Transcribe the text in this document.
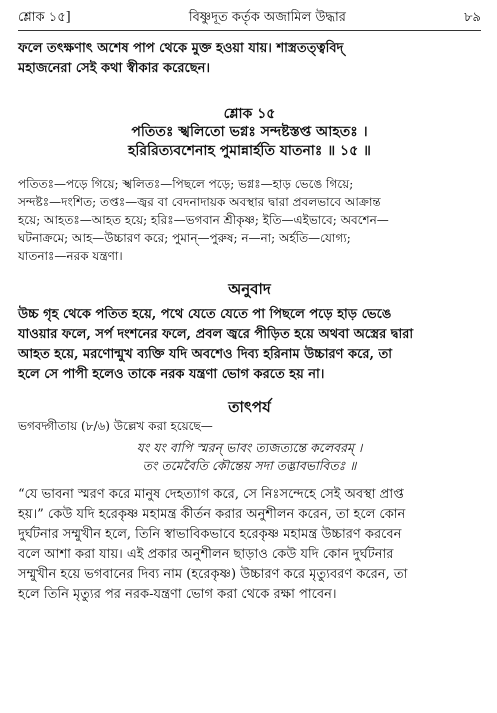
শ্লোক ১৫]	বিষ্ণুদূত কর্তৃক অজামিল উদ্ধার	৮৯

ফলে তৎক্ষণাৎ অশেষ পাপ থেকে মুক্ত হওয়া যায়। শাস্ত্রতত্ত্ববিদ্

মহাজনেরা সেই কথা স্বীকার করেছেন।

শ্লোক ১৫
পতিতঃ স্খলিতো ভগ্নঃ সন্দষ্টস্তপ্ত আহতঃ ।
হরিরিত্যবশেনাহ পুমান্নার্হতি যাতনাঃ ॥ ১৫ ॥

পতিতঃ—পড়ে গিয়ে; স্খলিতঃ—পিছলে পড়ে; ভগ্নঃ—হাড় ভেঙে গিয়ে;

সন্দষ্টঃ—দংশিত; তপ্তঃ—জ্বর বা বেদনাদায়ক অবস্থার দ্বারা প্রবলভাবে আক্রান্ত

হয়ে; আহতঃ—আহত হয়ে; হরিঃ—ভগবান শ্রীকৃষ্ণ; ইতি—এইভাবে; অবশেন—

ঘটনাক্রমে; আহ—উচ্চারণ করে; পুমান্—পুরুষ; ন—না; অর্হতি—যোগ্য;

যাতনাঃ—নরক যন্ত্রণা।

অনুবাদ

উচ্চ গৃহ থেকে পতিত হয়ে, পথে যেতে যেতে পা পিছলে পড়ে হাড় ভেঙে

যাওয়ার ফলে, সর্প দংশনের ফলে, প্রবল জ্বরে পীড়িত হয়ে অথবা অস্ত্রের দ্বারা

আহত হয়ে, মরণোন্মুখ ব্যক্তি যদি অবশেও দিব্য হরিনাম উচ্চারণ করে, তা

হলে সে পাপী হলেও তাকে নরক যন্ত্রণা ভোগ করতে হয় না।

তাৎপর্য

ভগবদ্গীতায় (৮/৬) উল্লেখ করা হয়েছে—

যং যং বাপি স্মরন্ ভাবং ত্যজত্যন্তে কলেবরম্ ।
তং তমেবৈতি কৌন্তেয় সদা তদ্ভাবভাবিতঃ ॥

“যে ভাবনা স্মরণ করে মানুষ দেহত্যাগ করে, সে নিঃসন্দেহে সেই অবস্থা প্রাপ্ত

হয়।” কেউ যদি হরেকৃষ্ণ মহামন্ত্র কীর্তন করার অনুশীলন করেন, তা হলে কোন

দুর্ঘটনার সম্মুখীন হলে, তিনি স্বাভাবিকভাবে হরেকৃষ্ণ মহামন্ত্র উচ্চারণ করবেন

বলে আশা করা যায়। এই প্রকার অনুশীলন ছাড়াও কেউ যদি কোন দুর্ঘটনার

সম্মুখীন হয়ে ভগবানের দিব্য নাম (হরেকৃষ্ণ) উচ্চারণ করে মৃত্যুবরণ করেন, তা

হলে তিনি মৃত্যুর পর নরক-যন্ত্রণা ভোগ করা থেকে রক্ষা পাবেন।
